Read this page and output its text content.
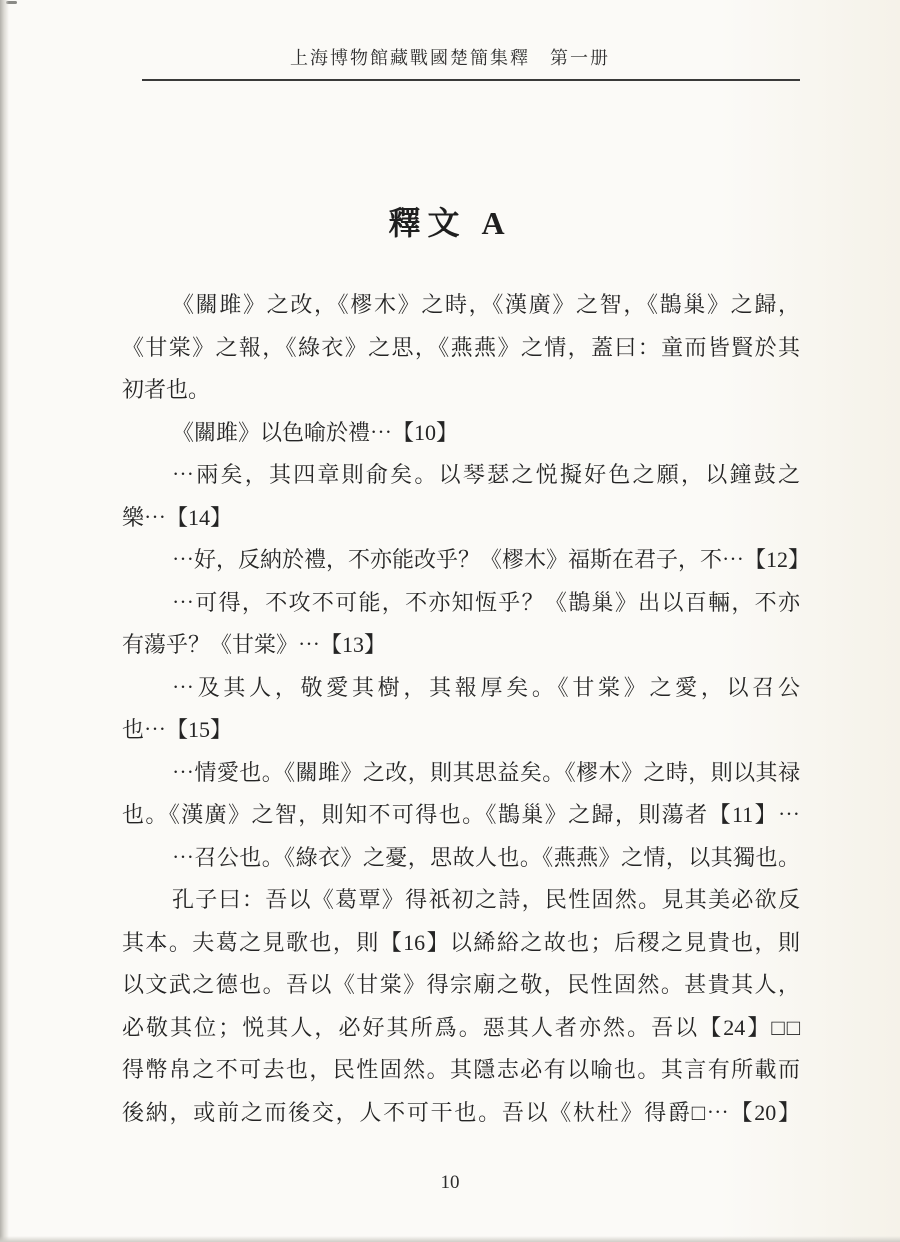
上海博物館藏戰國楚簡集釋　第一册
釋文 A
《關雎》之改，《樛木》之時，《漢廣》之智，《鵲巢》之歸，
《甘棠》之報，《綠衣》之思，《燕燕》之情，蓋曰：童而皆賢於其
初者也。
《關雎》以色喻於禮⋯【10】
⋯兩矣，其四章則俞矣。以琴瑟之悦擬好色之願，以鐘鼓之
樂⋯【14】
⋯好，反納於禮，不亦能改乎？《樛木》福斯在君子，不⋯【12】
⋯可得，不攻不可能，不亦知恆乎？《鵲巢》出以百輛，不亦
有蕩乎？《甘棠》⋯【13】
⋯及其人，敬愛其樹，其報厚矣。《甘棠》之愛，以召公
也⋯【15】
⋯情愛也。《關雎》之改，則其思益矣。《樛木》之時，則以其禄
也。《漢廣》之智，則知不可得也。《鵲巢》之歸，則蕩者【11】⋯
⋯召公也。《綠衣》之憂，思故人也。《燕燕》之情，以其獨也。
孔子曰：吾以《葛覃》得祇初之詩，民性固然。見其美必欲反
其本。夫葛之見歌也，則【16】以絺綌之故也；后稷之見貴也，則
以文武之德也。吾以《甘棠》得宗廟之敬，民性固然。甚貴其人，
必敬其位；悦其人，必好其所爲。惡其人者亦然。吾以【24】□□
得幣帛之不可去也，民性固然。其隱志必有以喻也。其言有所載而
後納，或前之而後交，人不可干也。吾以《杕杜》得爵□⋯【20】
10
